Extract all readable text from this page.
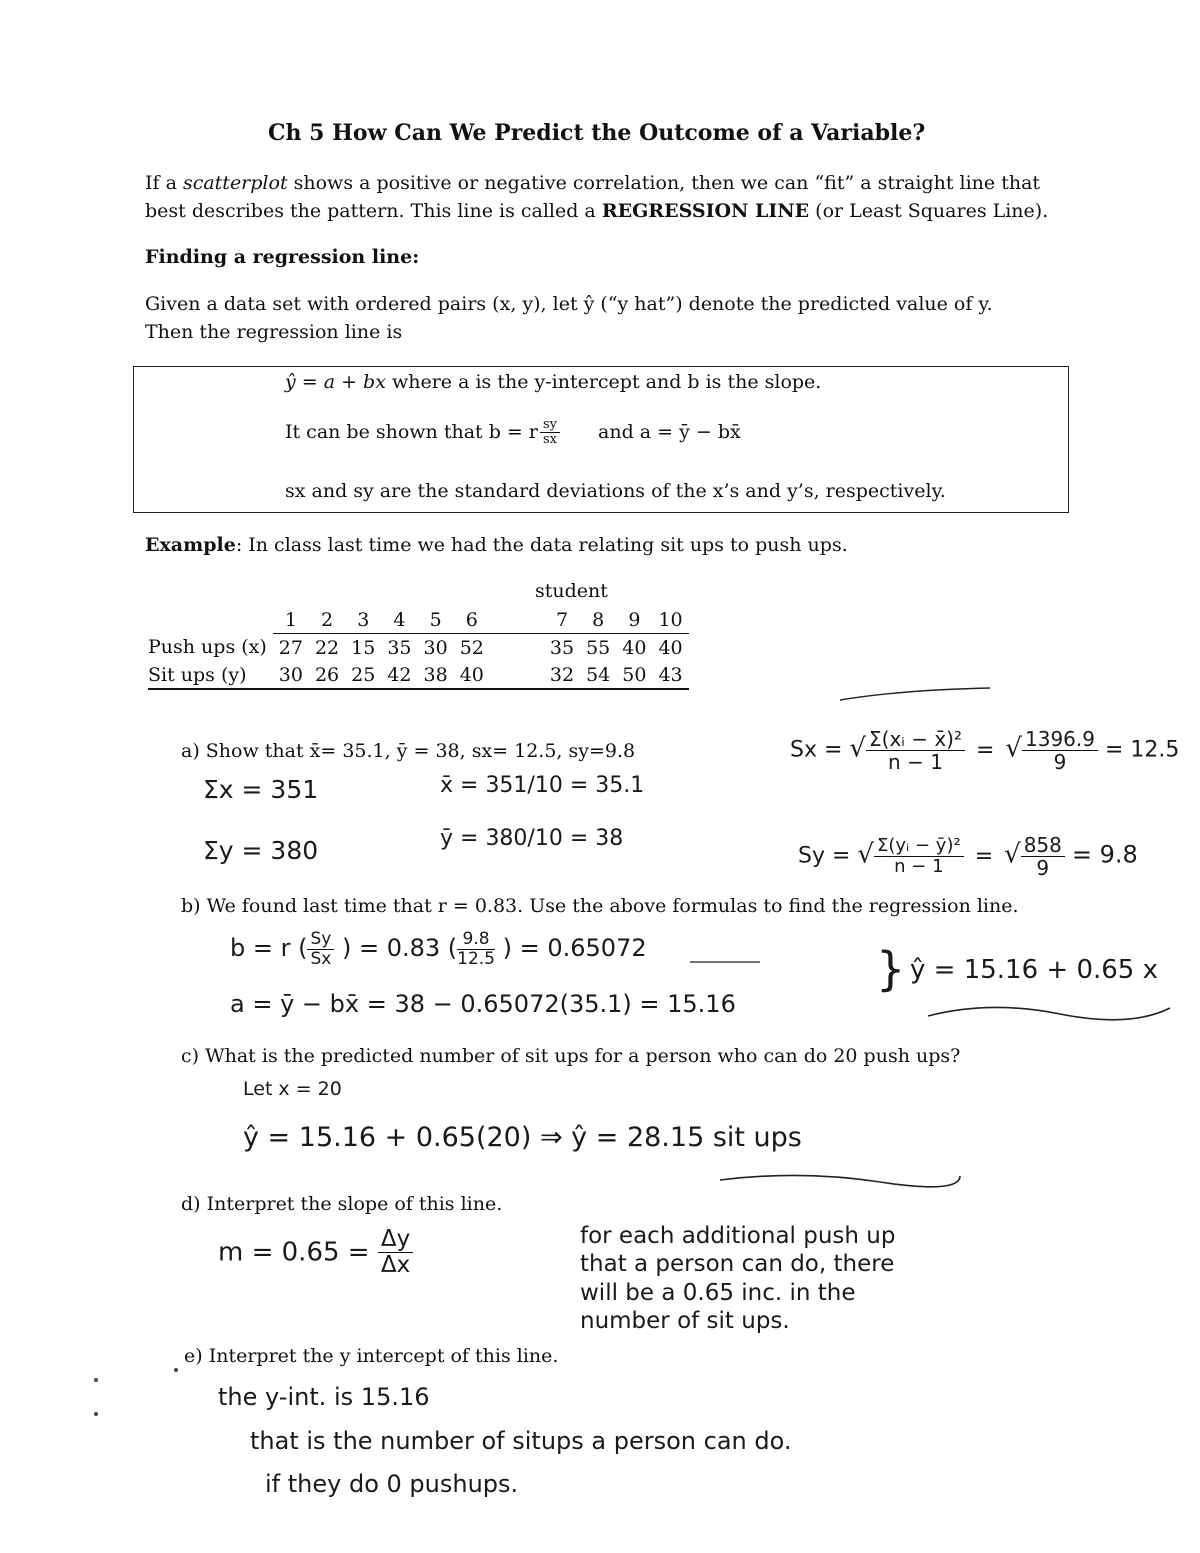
Ch 5 How Can We Predict the Outcome of a Variable?
If a scatterplot shows a positive or negative correlation, then we can “fit” a straight line that
best describes the pattern. This line is called a REGRESSION LINE (or Least Squares Line).
Finding a regression line:
Given a data set with ordered pairs (x, y), let ŷ (“y hat”) denote the predicted value of y.
Then the regression line is
ŷ = a + bx where a is the y-intercept and b is the slope.
It can be shown that b = r $\frac{sy}{sx}$ and a = ȳ − bx̄
sx and sy are the standard deviations of the x’s and y’s, respectively.
Example: In class last time we had the data relating sit ups to push ups.
student
	1	2	3	4	5	6	7	8	9	10
Push ups (x)	27	22	15	35	30	52	35	55	40	40
Sit ups (y)	30	26	25	42	38	40	32	54	50	43
a) Show that x̄= 35.1, ȳ = 38, sx= 12.5, sy=9.8
Σx = 351	x̄ = 351/10 = 35.1
Σy = 380	ȳ = 380/10 = 38
Sx = √ $\frac{\text{Σ(xᵢ − x̄)²}}{n - 1}$ = √ $\frac{1396.9}{9} = 12.5$
Sy = √ $\frac{\text{Σ(yᵢ − ȳ)²}}{n - 1}$ = √ $\frac{858}{9} = 9.8$
b) We found last time that r = 0.83. Use the above formulas to find the regression line.
b = r ( $\frac{Sy}{Sx}$ ) = 0.83 ( $\frac{9.8}{12.5}$ ) = 0.65072
a = ȳ − bx̄ = 38 − 0.65072(35.1) = 15.16
} ŷ = 15.16 + 0.65 x
c) What is the predicted number of sit ups for a person who can do 20 push ups?
Let x = 20
ŷ = 15.16 + 0.65(20) ⇒ ŷ = 28.15 sit ups
d) Interpret the slope of this line.
$m = 0.65 = \frac{\Delta y}{\Delta x}$	for each additional push up
that a person can do, there
will be a 0.65 inc. in the
number of sit ups.
e) Interpret the y intercept of this line.
the y-int. is 15.16
that is the number of situps a person can do.
if they do 0 pushups.
